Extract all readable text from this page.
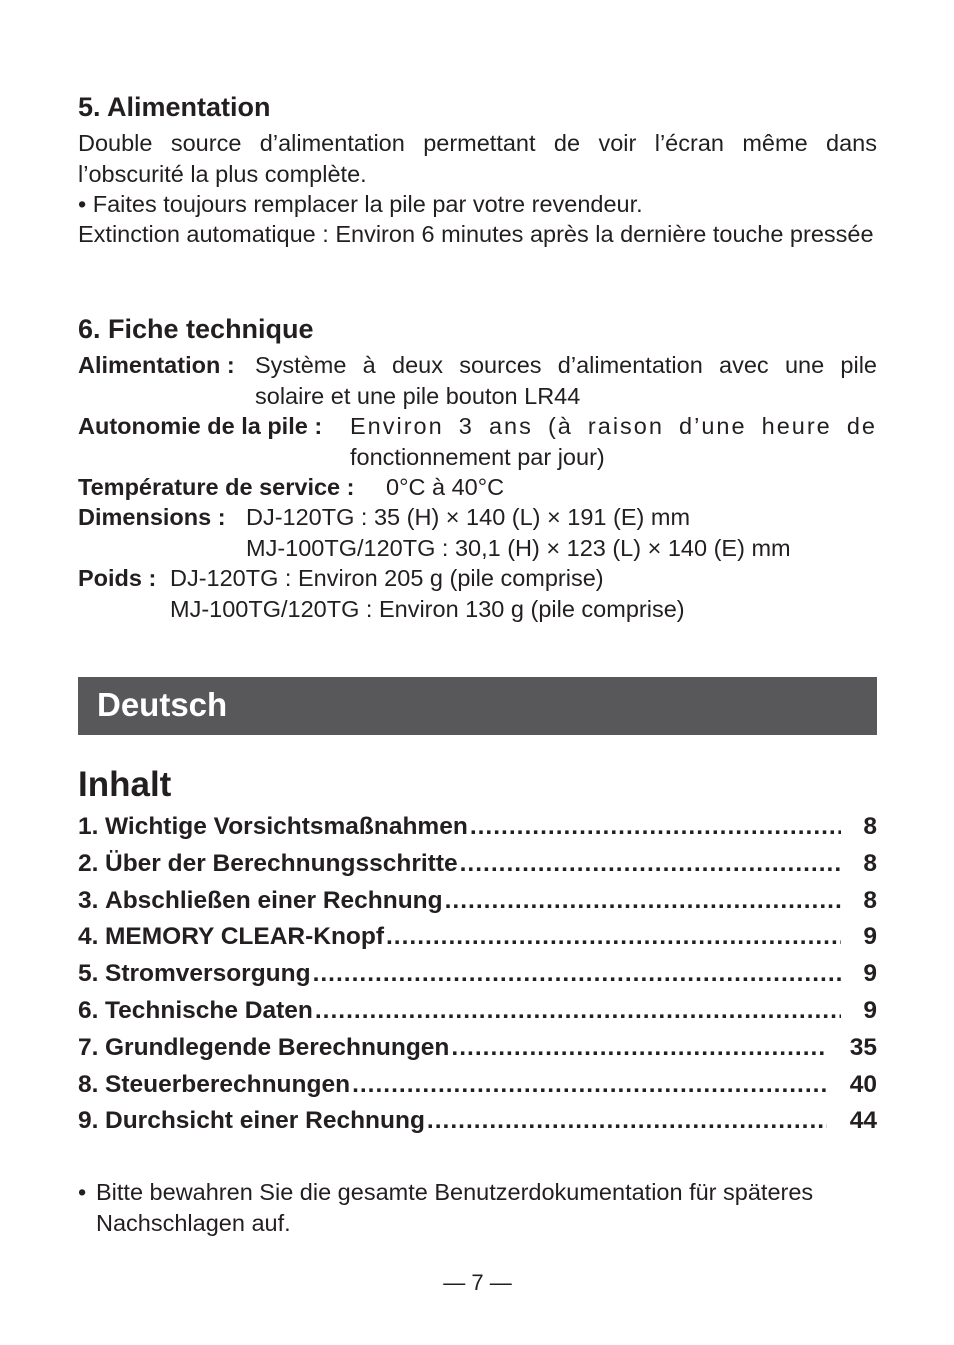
5. Alimentation

Double source d’alimentation permettant de voir l’écran même dans l’obscurité la plus complète.

• Faites toujours remplacer la pile par votre revendeur.

Extinction automatique : Environ 6 minutes après la dernière touche pressée

6. Fiche technique
Alimentation : Système à deux sources d’alimentation avec une pile
solaire et une pile bouton LR44
Autonomie de la pile : Environ 3 ans (à raison d’une heure de
fonctionnement par jour)
Température de service : 0°C à 40°C
Dimensions : DJ-120TG : 35 (H) × 140 (L) × 191 (E) mm
MJ-100TG/120TG : 30,1 (H) × 123 (L) × 140 (E) mm
Poids : DJ-120TG : Environ 205 g (pile comprise)
MJ-100TG/120TG : Environ 130 g (pile comprise)
Deutsch
Inhalt
1. Wichtige Vorsichtsmaßnahmen .....	8
2. Über der Berechnungsschritte .....	8
3. Abschließen einer Rechnung .....	8
4. MEMORY CLEAR-Knopf .....	9
5. Stromversorgung .....	9
6. Technische Daten .....	9
7. Grundlegende Berechnungen .....	35
8. Steuerberechnungen .....	40
9. Durchsicht einer Rechnung .....	44
• Bitte bewahren Sie die gesamte Benutzerdokumentation für späteres Nachschlagen auf.
— 7 —
